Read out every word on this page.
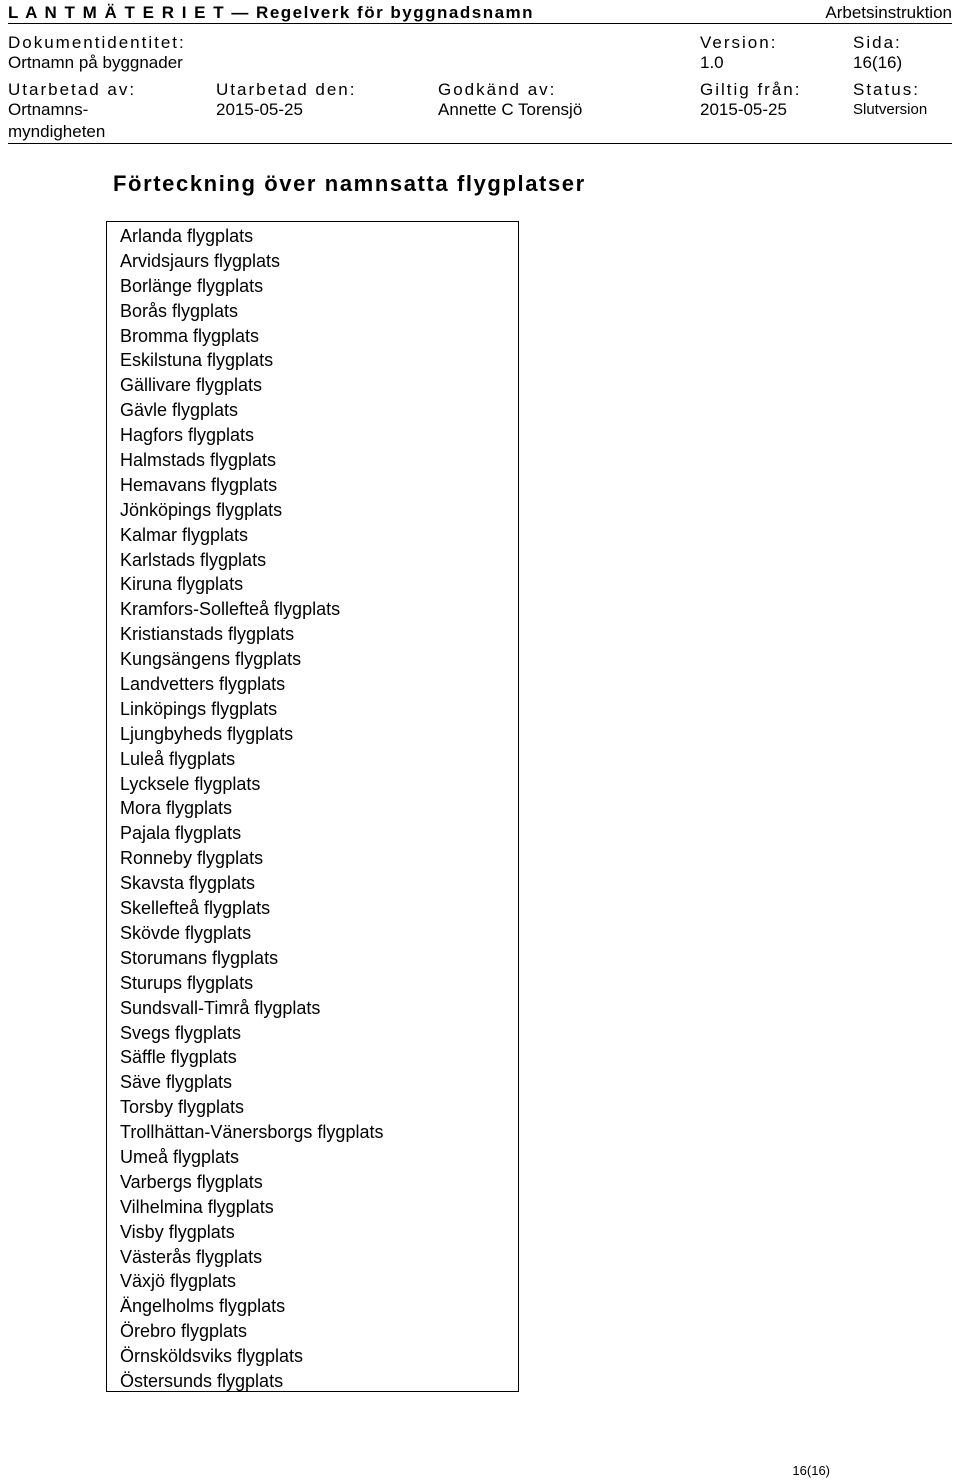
L A N T M Ä T E R I E T — Regelverk för byggnadsnamn	Arbetsinstruktion
Dokumentidentitet:
Ortnamn på byggnader
Version:
1.0
Sida:
16(16)
Utarbetad av:
Ortnamns-
myndigheten
Utarbetad den:
2015-05-25
Godkänd av:
Annette C Torensjö
Giltig från:
2015-05-25
Status:
Slutversion
Förteckning över namnsatta flygplatser
Arlanda flygplats
Arvidsjaurs flygplats
Borlänge flygplats
Borås flygplats
Bromma flygplats
Eskilstuna flygplats
Gällivare flygplats
Gävle flygplats
Hagfors flygplats
Halmstads flygplats
Hemavans flygplats
Jönköpings flygplats
Kalmar flygplats
Karlstads flygplats
Kiruna flygplats
Kramfors-Sollefteå flygplats
Kristianstads flygplats
Kungsängens flygplats
Landvetters flygplats
Linköpings flygplats
Ljungbyheds flygplats
Luleå flygplats
Lycksele flygplats
Mora flygplats
Pajala flygplats
Ronneby flygplats
Skavsta flygplats
Skellefteå flygplats
Skövde flygplats
Storumans flygplats
Sturups flygplats
Sundsvall-Timrå flygplats
Svegs flygplats
Säffle flygplats
Säve flygplats
Torsby flygplats
Trollhättan-Vänersborgs flygplats
Umeå flygplats
Varbergs flygplats
Vilhelmina flygplats
Visby flygplats
Västerås flygplats
Växjö flygplats
Ängelholms flygplats
Örebro flygplats
Örnsköldsviks flygplats
Östersunds flygplats
16(16)
